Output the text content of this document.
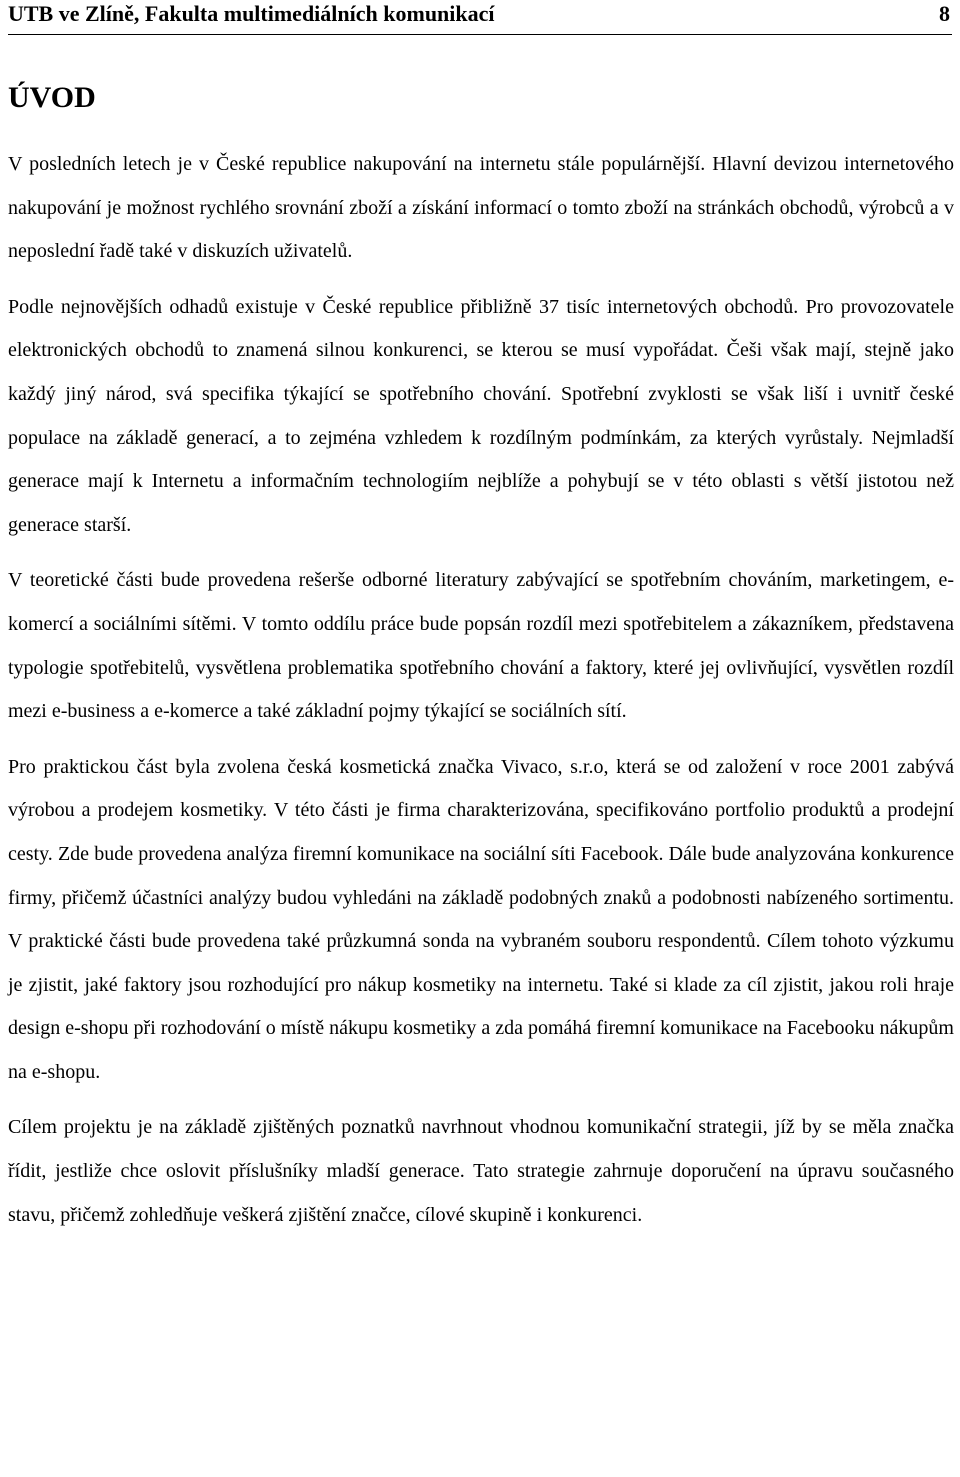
UTB ve Zlíně, Fakulta multimediálních komunikací	8
ÚVOD

V posledních letech je v České republice nakupování na internetu stále populárnější. Hlavní devizou internetového nakupování je možnost rychlého srovnání zboží a získání informací o tomto zboží na stránkách obchodů, výrobců a v neposlední řadě také v diskuzích uživatelů.

Podle nejnovějších odhadů existuje v České republice přibližně 37 tisíc internetových obchodů. Pro provozovatele elektronických obchodů to znamená silnou konkurenci, se kterou se musí vypořádat. Češi však mají, stejně jako každý jiný národ, svá specifika týkající se spotřebního chování. Spotřební zvyklosti se však liší i uvnitř české populace na základě generací, a to zejména vzhledem k rozdílným podmínkám, za kterých vyrůstaly. Nejmladší generace mají k Internetu a informačním technologiím nejblíže a pohybují se v této oblasti s větší jistotou než generace starší.

V teoretické části bude provedena rešerše odborné literatury zabývající se spotřebním chováním, marketingem, e-komercí a sociálními sítěmi. V tomto oddílu práce bude popsán rozdíl mezi spotřebitelem a zákazníkem, představena typologie spotřebitelů, vysvětlena problematika spotřebního chování a faktory, které jej ovlivňující, vysvětlen rozdíl mezi e-business a e-komerce a také základní pojmy týkající se sociálních sítí.

Pro praktickou část byla zvolena česká kosmetická značka Vivaco, s.r.o, která se od založení v roce 2001 zabývá výrobou a prodejem kosmetiky. V této části je firma charakterizována, specifikováno portfolio produktů a prodejní cesty. Zde bude provedena analýza firemní komunikace na sociální síti Facebook. Dále bude analyzována konkurence firmy, přičemž účastníci analýzy budou vyhledáni na základě podobných znaků a podobnosti nabízeného sortimentu. V praktické části bude provedena také průzkumná sonda na vybraném souboru respondentů. Cílem tohoto výzkumu je zjistit, jaké faktory jsou rozhodující pro nákup kosmetiky na internetu. Také si klade za cíl zjistit, jakou roli hraje design e-shopu při rozhodování o místě nákupu kosmetiky a zda pomáhá firemní komunikace na Facebooku nákupům na e-shopu.

Cílem projektu je na základě zjištěných poznatků navrhnout vhodnou komunikační strategii, jíž by se měla značka řídit, jestliže chce oslovit příslušníky mladší generace. Tato strategie zahrnuje doporučení na úpravu současného stavu, přičemž zohledňuje veškerá zjištění značce, cílové skupině i konkurenci.
